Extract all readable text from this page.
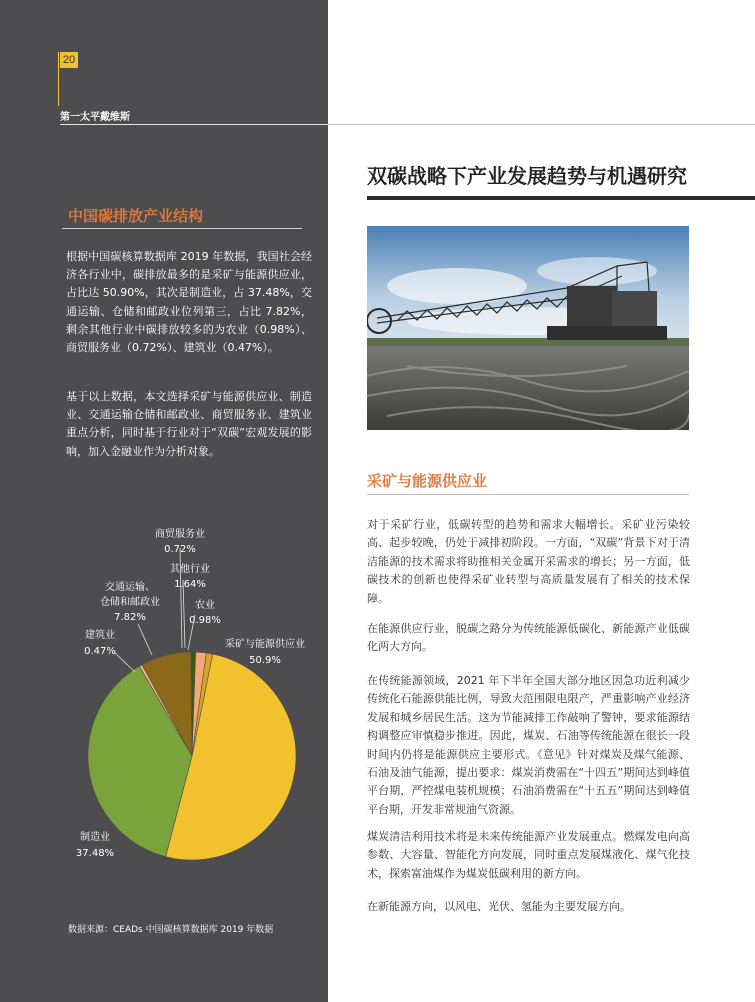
20
第一太平戴维斯
中国碳排放产业结构

根据中国碳核算数据库 2019 年数据，我国社会经济各行业中，碳排放最多的是采矿与能源供应业，占比达 50.90%，其次是制造业，占 37.48%，交通运输、仓储和邮政业位列第三，占比 7.82%，剩余其他行业中碳排放较多的为农业（0.98%）、商贸服务业（0.72%）、建筑业（0.47%）。

基于以上数据，本文选择采矿与能源供应业、制造业、交通运输仓储和邮政业、商贸服务业、建筑业重点分析，同时基于行业对于“双碳”宏观发展的影响，加入金融业作为分析对象。

商贸服务业
0.72%
其他行业
1.64%
农业
0.98%
交通运输、
仓储和邮政业
7.82%
建筑业
0.47%
采矿与能源供应业
50.9%
制造业
37.48%
数据来源：CEADs 中国碳核算数据库 2019 年数据
双碳战略下产业发展趋势与机遇研究
采矿与能源供应业

对于采矿行业，低碳转型的趋势和需求大幅增长。采矿业污染较高、起步较晚，仍处于减排初阶段。一方面，“双碳”背景下对于清洁能源的技术需求将助推相关金属开采需求的增长；另一方面，低碳技术的创新也使得采矿业转型与高质量发展有了相关的技术保障。

在能源供应行业，脱碳之路分为传统能源低碳化、新能源产业低碳化两大方向。

在传统能源领域，2021 年下半年全国大部分地区因急功近利减少传统化石能源供能比例，导致大范围限电限产，严重影响产业经济发展和城乡居民生活。这为节能减排工作敲响了警钟，要求能源结构调整应审慎稳步推进。因此，煤炭、石油等传统能源在很长一段时间内仍将是能源供应主要形式。《意见》针对煤炭及煤气能源、石油及油气能源，提出要求：煤炭消费需在“十四五”期间达到峰值平台期，严控煤电装机规模；石油消费需在“十五五”期间达到峰值平台期，开发非常规油气资源。

煤炭清洁利用技术将是未来传统能源产业发展重点。燃煤发电向高参数、大容量、智能化方向发展，同时重点发展煤液化、煤气化技术，探索富油煤作为煤炭低碳利用的新方向。

在新能源方向，以风电、光伏、氢能为主要发展方向。
